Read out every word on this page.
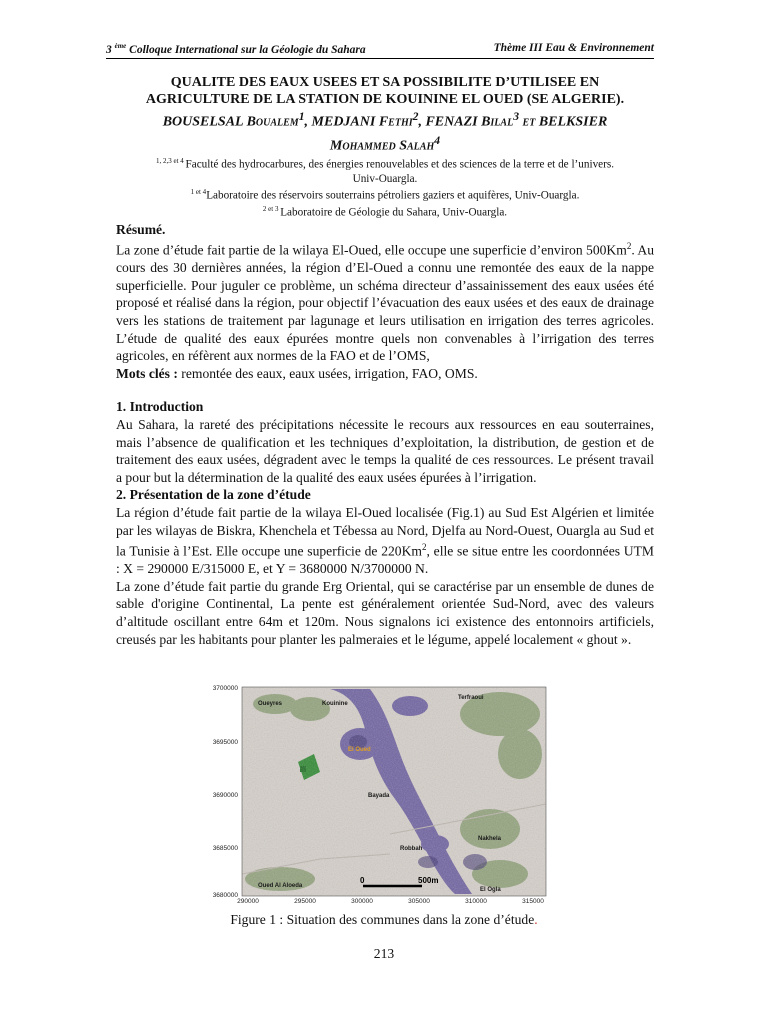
3 $^{ème}$ Colloque International sur la Géologie du Sahara	Thème III Eau & Environnement

QUALITE DES EAUX USEES ET SA POSSIBILITE D’UTILISEE EN
AGRICULTURE DE LA STATION DE KOUININE EL OUED (SE ALGERIE).

BOUSELSAL Boualem$^1$, MEDJANI Fethi$^2$, FENAZI Bilal$^3$ et BELKSIER
Mohammed Salah$^4$

$^{1, 2,3 et 4}$ Faculté des hydrocarbures, des énergies renouvelables et des sciences de la terre et de l’univers.

Univ-Ouargla.

$^{1 et 4}$Laboratoire des réservoirs souterrains pétroliers gaziers et aquifères, Univ-Ouargla.

$^{2 et 3}$ Laboratoire de Géologie du Sahara, Univ-Ouargla.

Résumé.

La zone d’étude fait partie de la wilaya El-Oued, elle occupe une superficie d’environ 500Km$^2$. Au cours des 30 dernières années, la région d’El-Oued a connu une remontée des eaux de la nappe superficielle. Pour juguler ce problème, un schéma directeur d’assainissement des eaux usées été proposé et réalisé dans la région, pour objectif l’évacuation des eaux usées et des eaux de drainage vers les stations de traitement par lagunage et leurs utilisation en irrigation des terres agricoles. L’étude de qualité des eaux épurées montre quels non convenables à l’irrigation des terres agricoles, en réfèrent aux normes de la FAO et de l’OMS,

Mots clés : remontée des eaux, eaux usées, irrigation, FAO, OMS.

1. Introduction

Au Sahara, la rareté des précipitations nécessite le recours aux ressources en eau souterraines, mais l’absence de qualification et les techniques d’exploitation, la distribution, de gestion et de traitement des eaux usées, dégradent avec le temps la qualité de ces ressources. Le présent travail a pour but la détermination de la qualité des eaux usées épurées à l’irrigation.

2. Présentation de la zone d’étude

La région d’étude fait partie de la wilaya El-Oued localisée (Fig.1) au Sud Est Algérien et limitée par les wilayas de Biskra, Khenchela et Tébessa au Nord, Djelfa au Nord-Ouest, Ouargla au Sud et la Tunisie à l’Est. Elle occupe une superficie de 220Km$^2$, elle se situe entre les coordonnées UTM : X = 290000 E/315000 E, et Y = 3680000 N/3700000 N.

La zone d’étude fait partie du grande Erg Oriental, qui se caractérise par un ensemble de dunes de sable d'origine Continental, La pente est généralement orientée Sud-Nord, avec des valeurs d’altitude oscillant entre 64m et 120m. Nous signalons ici existence des entonnoirs artificiels, creusés par les habitants pour planter les palmeraies et le légume, appelé localement « ghout ».

3700000
3695000
3690000
3685000
3680000
290000	295000	300000	305000	310000	315000
Oueyres	Kouinine
Terfraoui
El Oued
Bayada
Robbah
Nakhela
Oued Al Aloeda
El Ogla
0	500m
Figure 1 : Situation des communes dans la zone d’étude.
213
